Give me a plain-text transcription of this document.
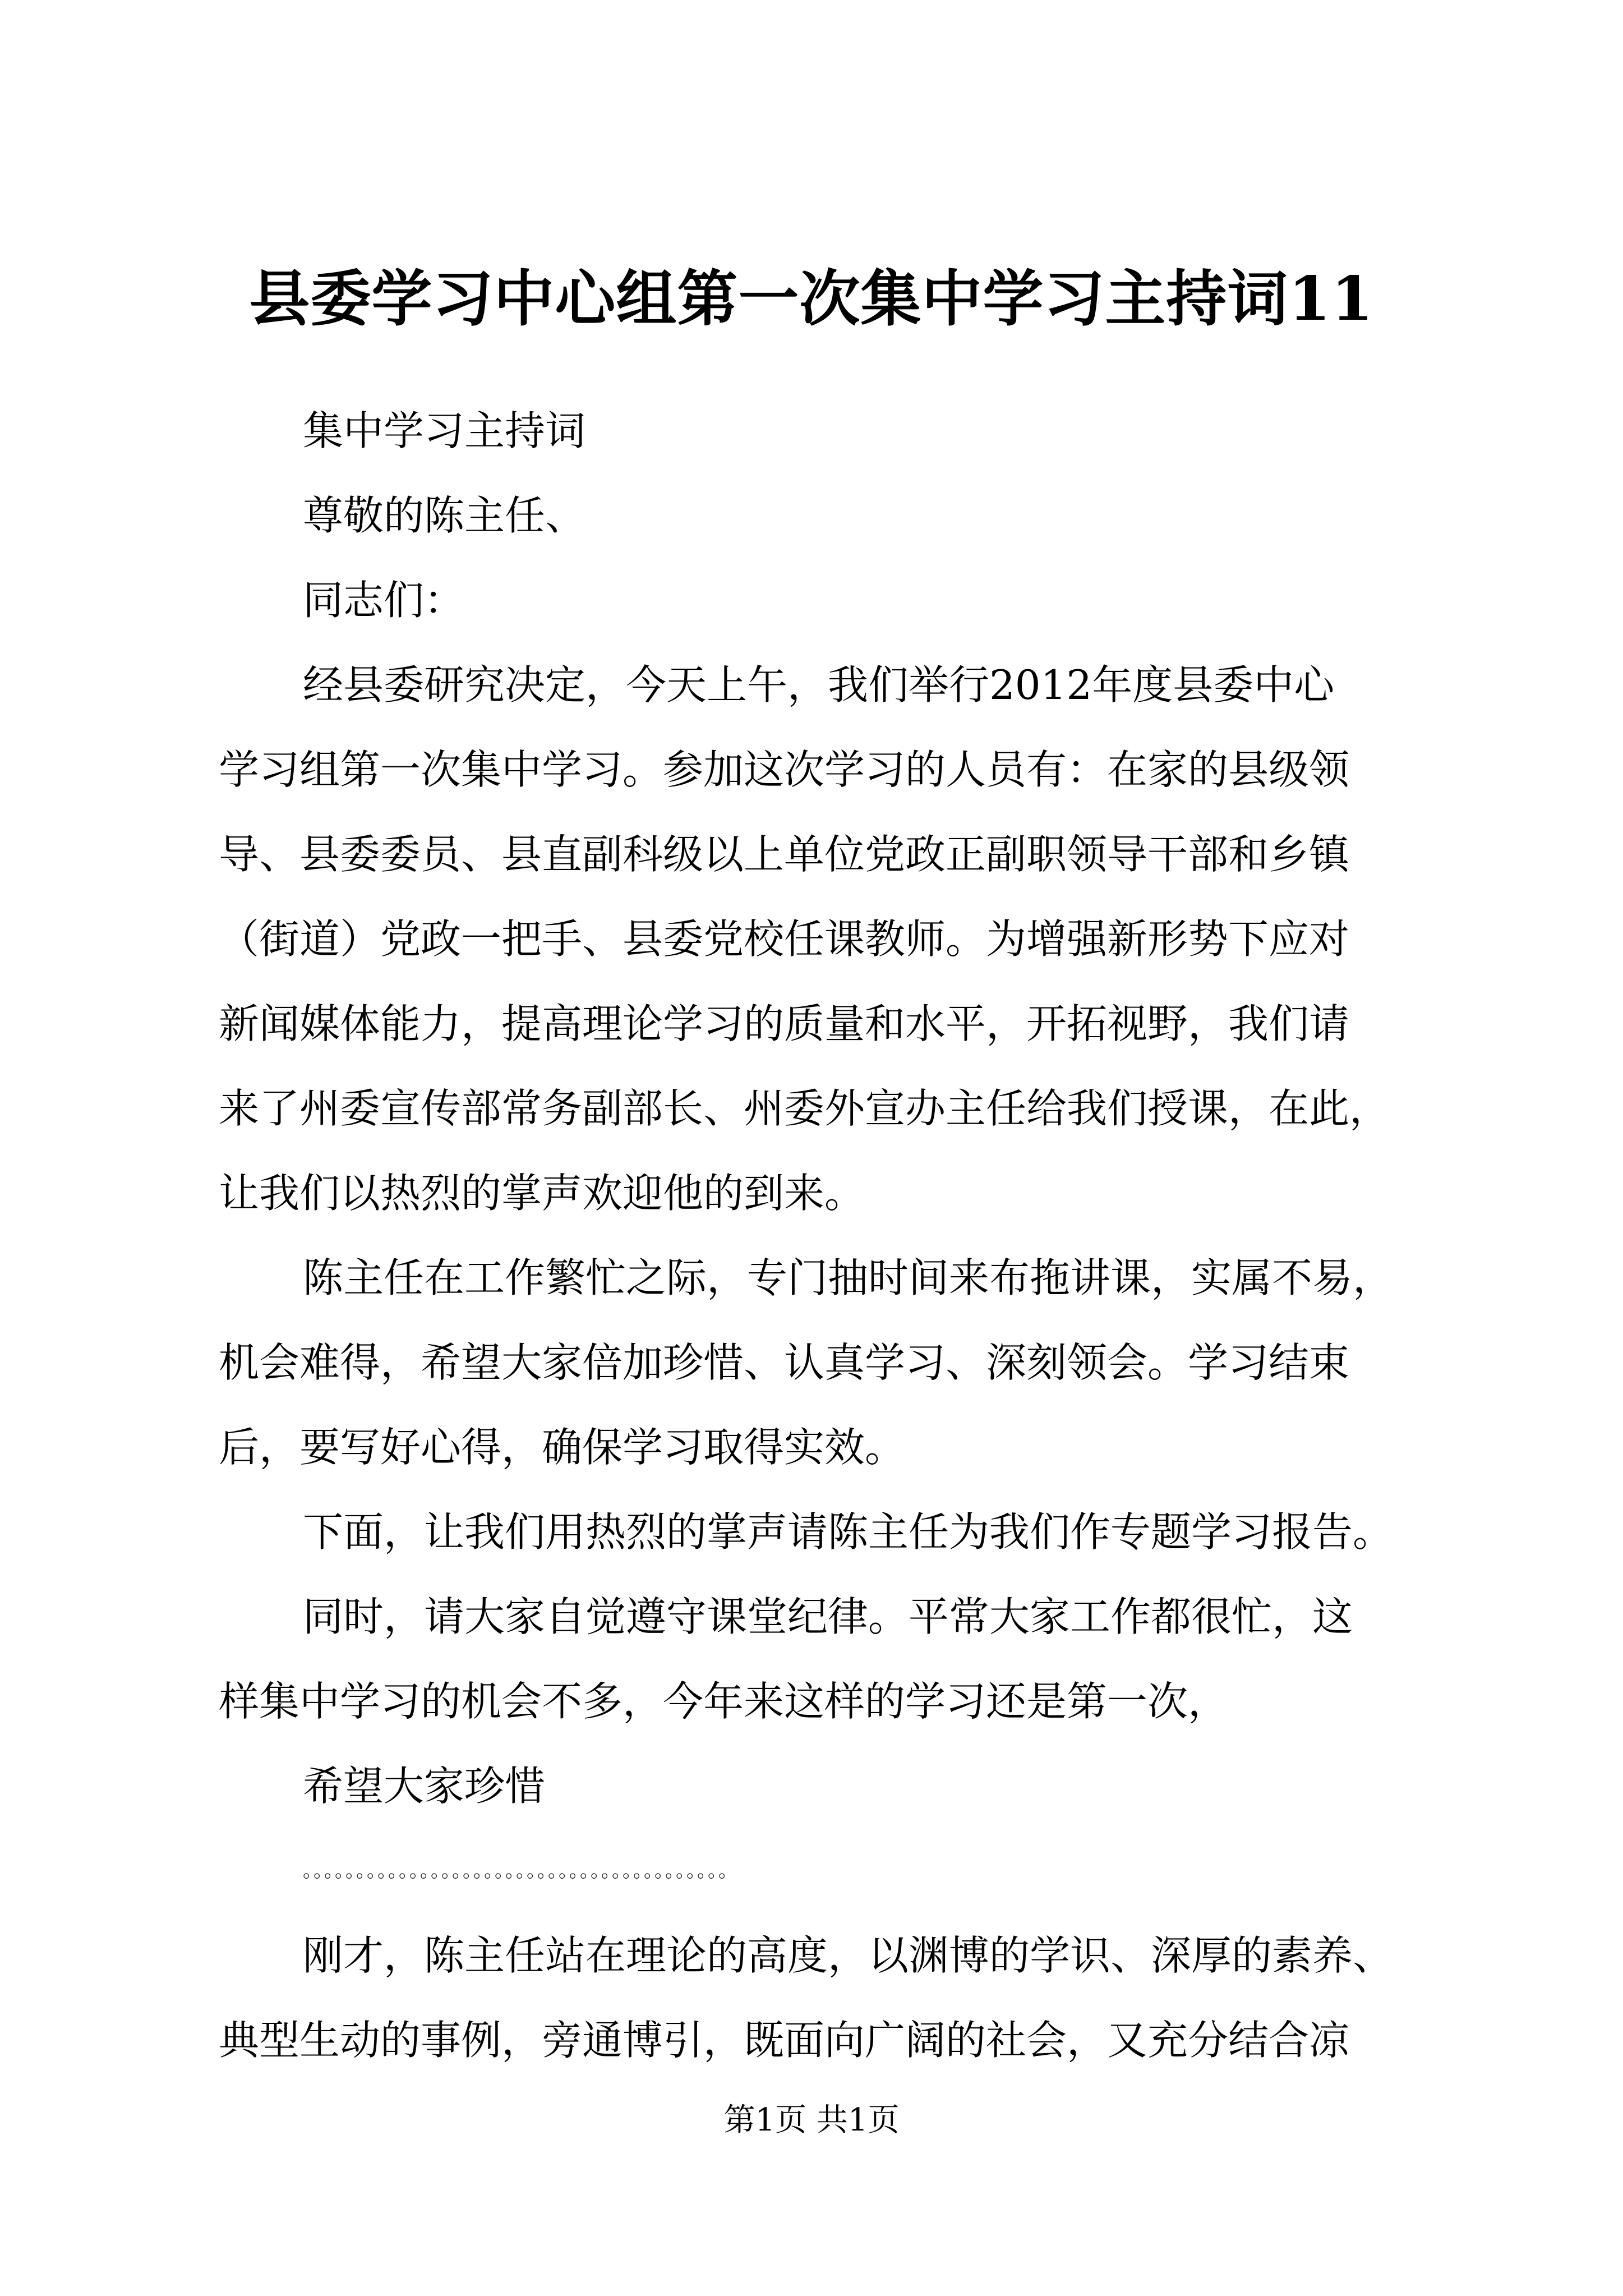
县委学习中心组第一次集中学习主持词11
集中学习主持词
尊敬的陈主任、
同志们：
经县委研究决定，今天上午，我们举行2012年度县委中心
学习组第一次集中学习。参加这次学习的人员有：在家的县级领
导、县委委员、县直副科级以上单位党政正副职领导干部和乡镇
（街道）党政一把手、县委党校任课教师。为增强新形势下应对
新闻媒体能力，提高理论学习的质量和水平，开拓视野，我们请
来了州委宣传部常务副部长、州委外宣办主任给我们授课，在此，
让我们以热烈的掌声欢迎他的到来。
陈主任在工作繁忙之际，专门抽时间来布拖讲课，实属不易，
机会难得，希望大家倍加珍惜、认真学习、深刻领会。学习结束
后，要写好心得，确保学习取得实效。
下面，让我们用热烈的掌声请陈主任为我们作专题学习报告。
同时，请大家自觉遵守课堂纪律。平常大家工作都很忙，这
样集中学习的机会不多，今年来这样的学习还是第一次，
希望大家珍惜
。。。。。。。。。。。。。。。。。。。。。。。。。。。。。。。。。。。。。。。。
刚才，陈主任站在理论的高度，以渊博的学识、深厚的素养、
典型生动的事例，旁通博引，既面向广阔的社会，又充分结合凉
第1页 共1页
